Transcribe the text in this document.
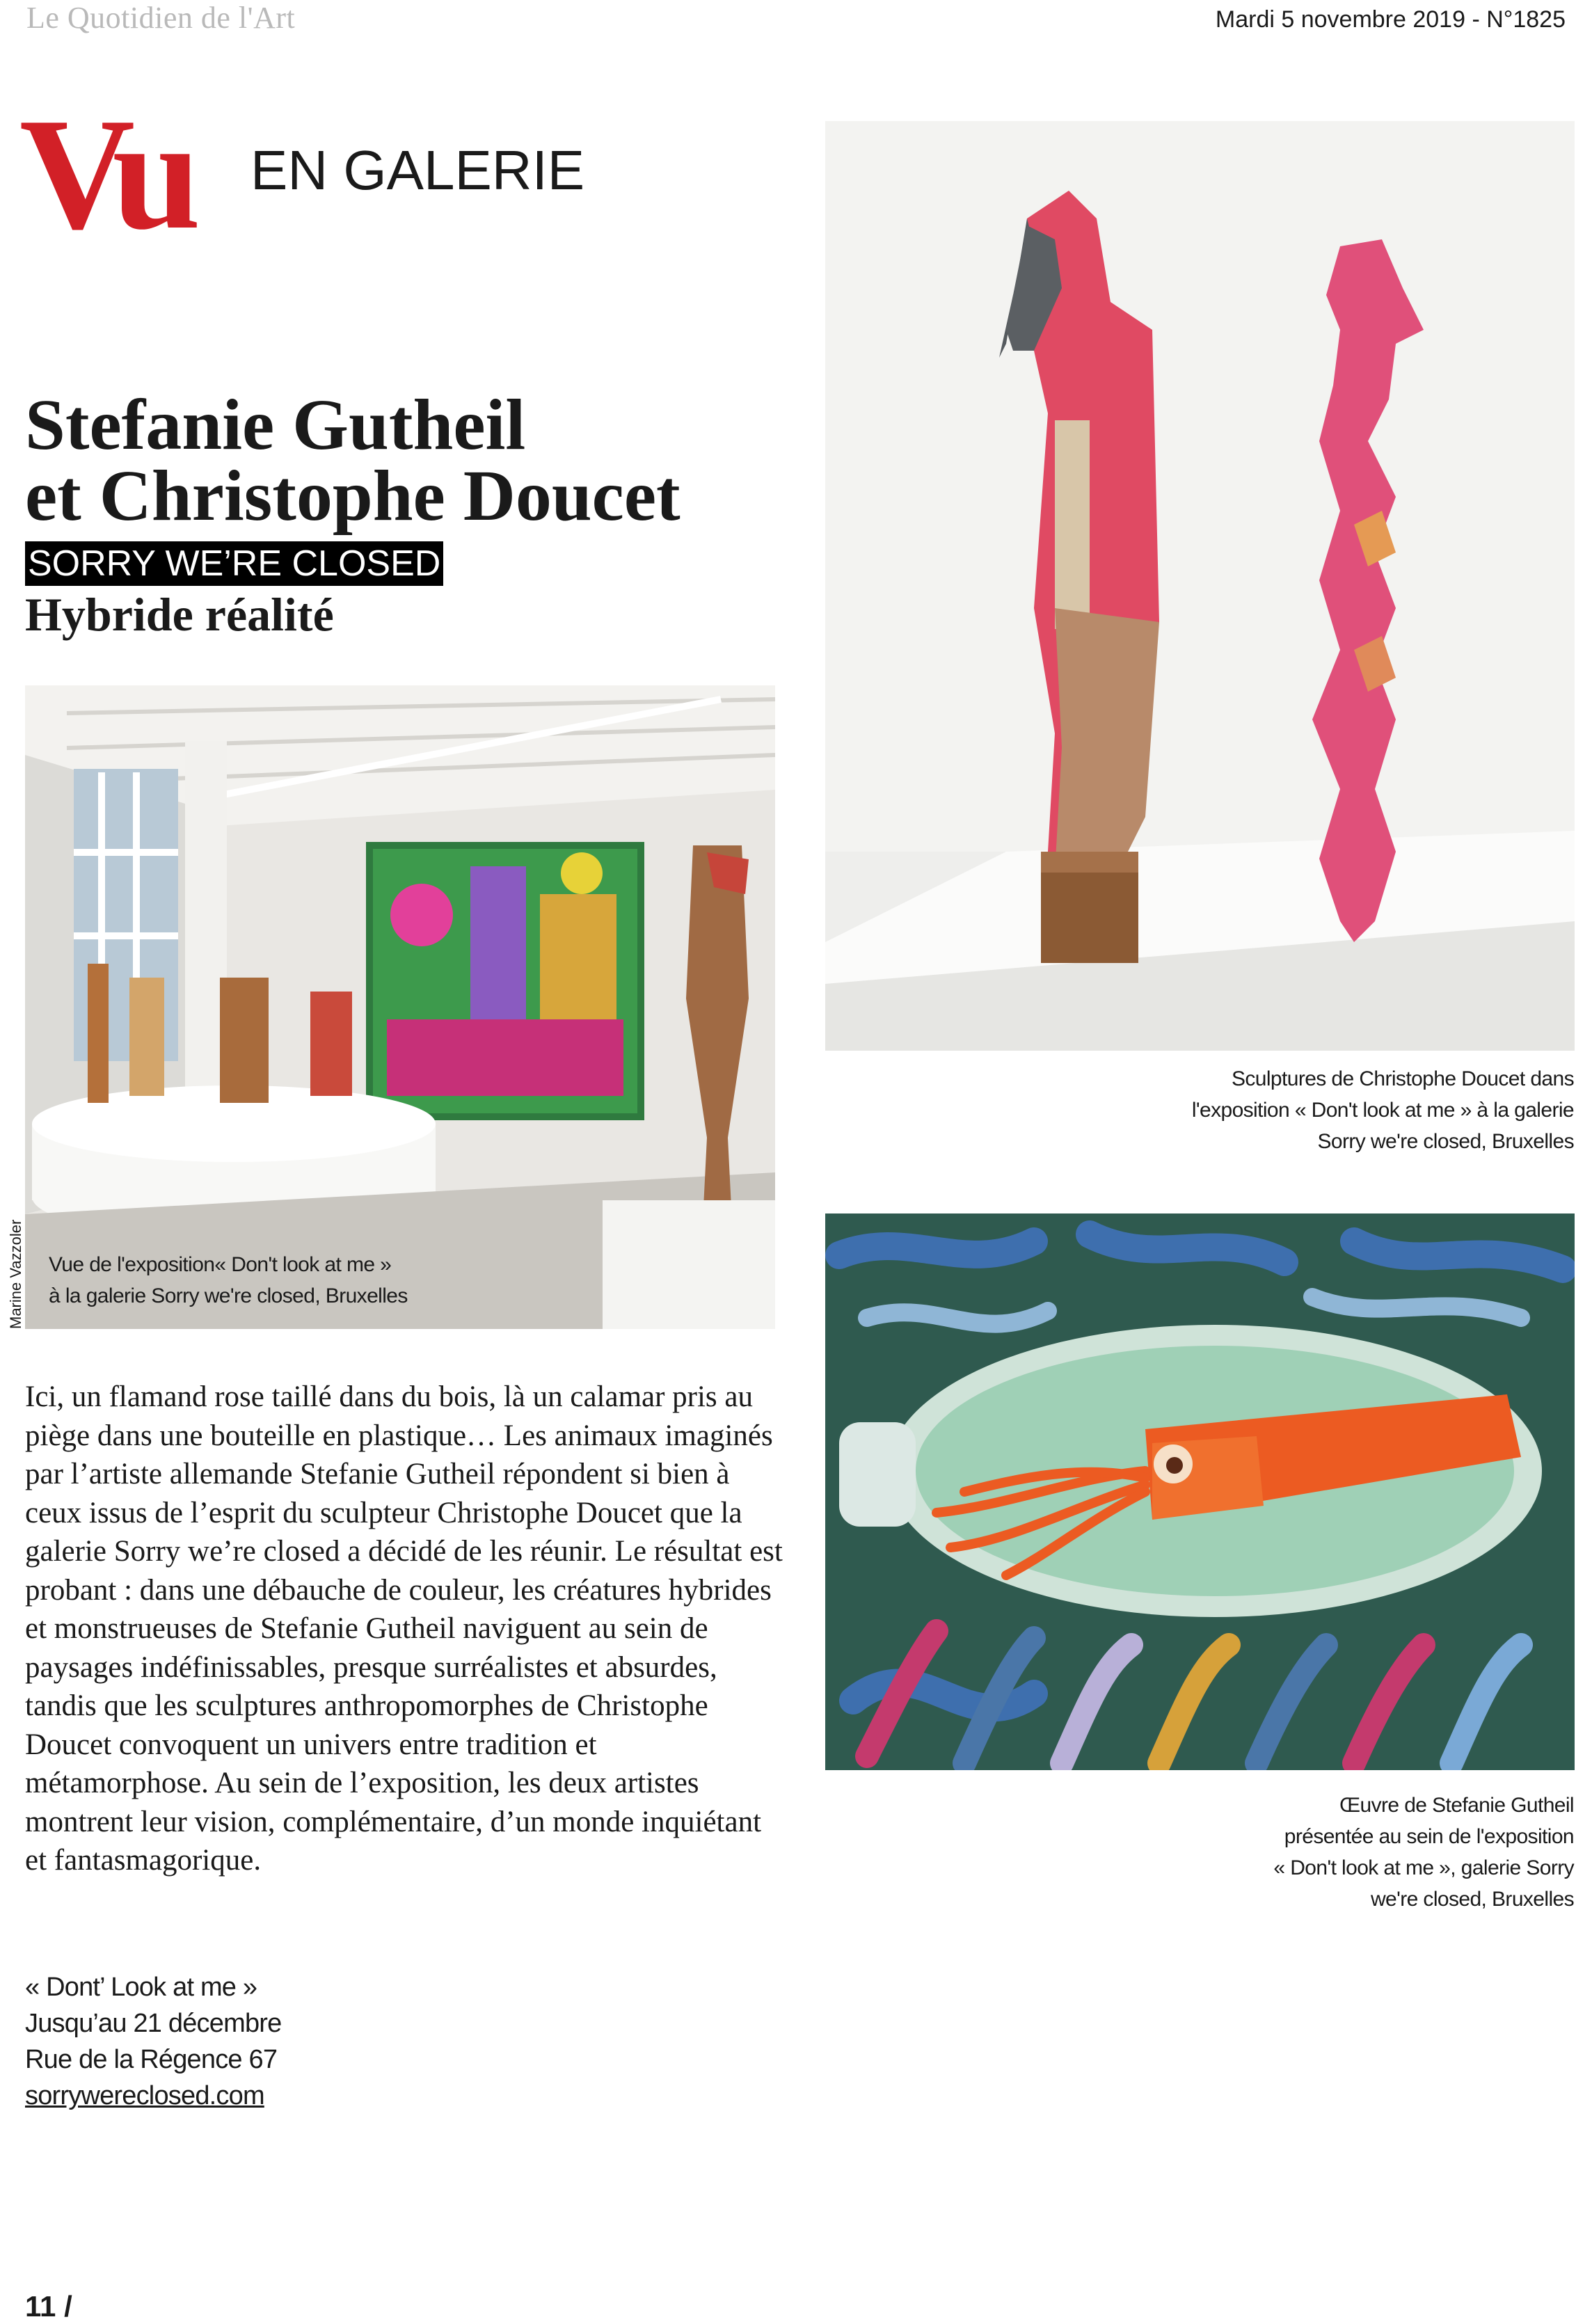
Le Quotidien de l'Art	Mardi 5 novembre 2019 - N°1825
Vu EN GALERIE
Stefanie Gutheil
et Christophe Doucet
SORRY WE’RE CLOSED
Hybride réalité
Marine Vazzoler Vue de l'exposition« Don't look at me »
à la galerie Sorry we're closed, Bruxelles
Sculptures de Christophe Doucet dans
l'exposition « Don't look at me » à la galerie
Sorry we're closed, Bruxelles
Œuvre de Stefanie Gutheil
présentée au sein de l'exposition
« Don't look at me », galerie Sorry
we're closed, Bruxelles

Ici, un flamand rose taillé dans du bois, là un calamar pris au piège dans une bouteille en plastique… Les animaux imaginés par l’artiste allemande Stefanie Gutheil répondent si bien à ceux issus de l’esprit du sculpteur Christophe Doucet que la galerie Sorry we’re closed a décidé de les réunir. Le résultat est probant : dans une débauche de couleur, les créatures hybrides et monstrueuses de Stefanie Gutheil naviguent au sein de paysages indéfinissables, presque surréalistes et absurdes, tandis que les sculptures anthropomorphes de Christophe Doucet convoquent un univers entre tradition et métamorphose. Au sein de l’exposition, les deux artistes montrent leur vision, complémentaire, d’un monde inquiétant et fantasmagorique.

« Dont’ Look at me »
Jusqu’au 21 décembre
Rue de la Régence 67
sorrywereclosed.com
11 /
